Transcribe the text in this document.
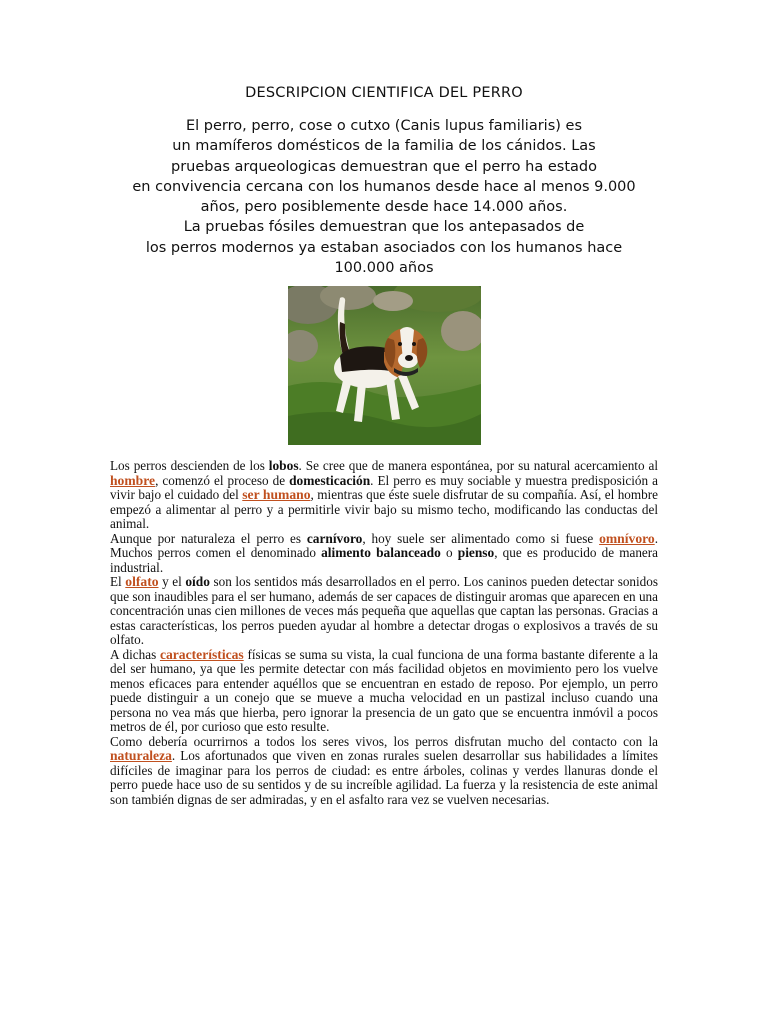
DESCRIPCION CIENTIFICA DEL PERRO
El perro, perro, cose o cutxo (Canis lupus familiaris) es
un mamíferos domésticos de la familia de los cánidos. Las
pruebas arqueologicas demuestran que el perro ha estado
en convivencia cercana con los humanos desde hace al menos 9.000
años, pero posiblemente desde hace 14.000 años.
La pruebas fósiles demuestran que los antepasados de
los perros modernos ya estaban asociados con los humanos hace
100.000 años

Los perros descienden de los lobos. Se cree que de manera espontánea, por su natural acercamiento al hombre, comenzó el proceso de domesticación. El perro es muy sociable y muestra predisposición a vivir bajo el cuidado del ser humano, mientras que éste suele disfrutar de su compañía. Así, el hombre empezó a alimentar al perro y a permitirle vivir bajo su mismo techo, modificando las conductas del animal.

Aunque por naturaleza el perro es carnívoro, hoy suele ser alimentado como si fuese omnívoro. Muchos perros comen el denominado alimento balanceado o pienso, que es producido de manera industrial.

El olfato y el oído son los sentidos más desarrollados en el perro. Los caninos pueden detectar sonidos que son inaudibles para el ser humano, además de ser capaces de distinguir aromas que aparecen en una concentración unas cien millones de veces más pequeña que aquellas que captan las personas. Gracias a estas características, los perros pueden ayudar al hombre a detectar drogas o explosivos a través de su olfato.

A dichas características físicas se suma su vista, la cual funciona de una forma bastante diferente a la del ser humano, ya que les permite detectar con más facilidad objetos en movimiento pero los vuelve menos eficaces para entender aquéllos que se encuentran en estado de reposo. Por ejemplo, un perro puede distinguir a un conejo que se mueve a mucha velocidad en un pastizal incluso cuando una persona no vea más que hierba, pero ignorar la presencia de un gato que se encuentra inmóvil a pocos metros de él, por curioso que esto resulte.

Como debería ocurrirnos a todos los seres vivos, los perros disfrutan mucho del contacto con la naturaleza. Los afortunados que viven en zonas rurales suelen desarrollar sus habilidades a límites difíciles de imaginar para los perros de ciudad: es entre árboles, colinas y verdes llanuras donde el perro puede hace uso de su sentidos y de su increíble agilidad. La fuerza y la resistencia de este animal son también dignas de ser admiradas, y en el asfalto rara vez se vuelven necesarias.
